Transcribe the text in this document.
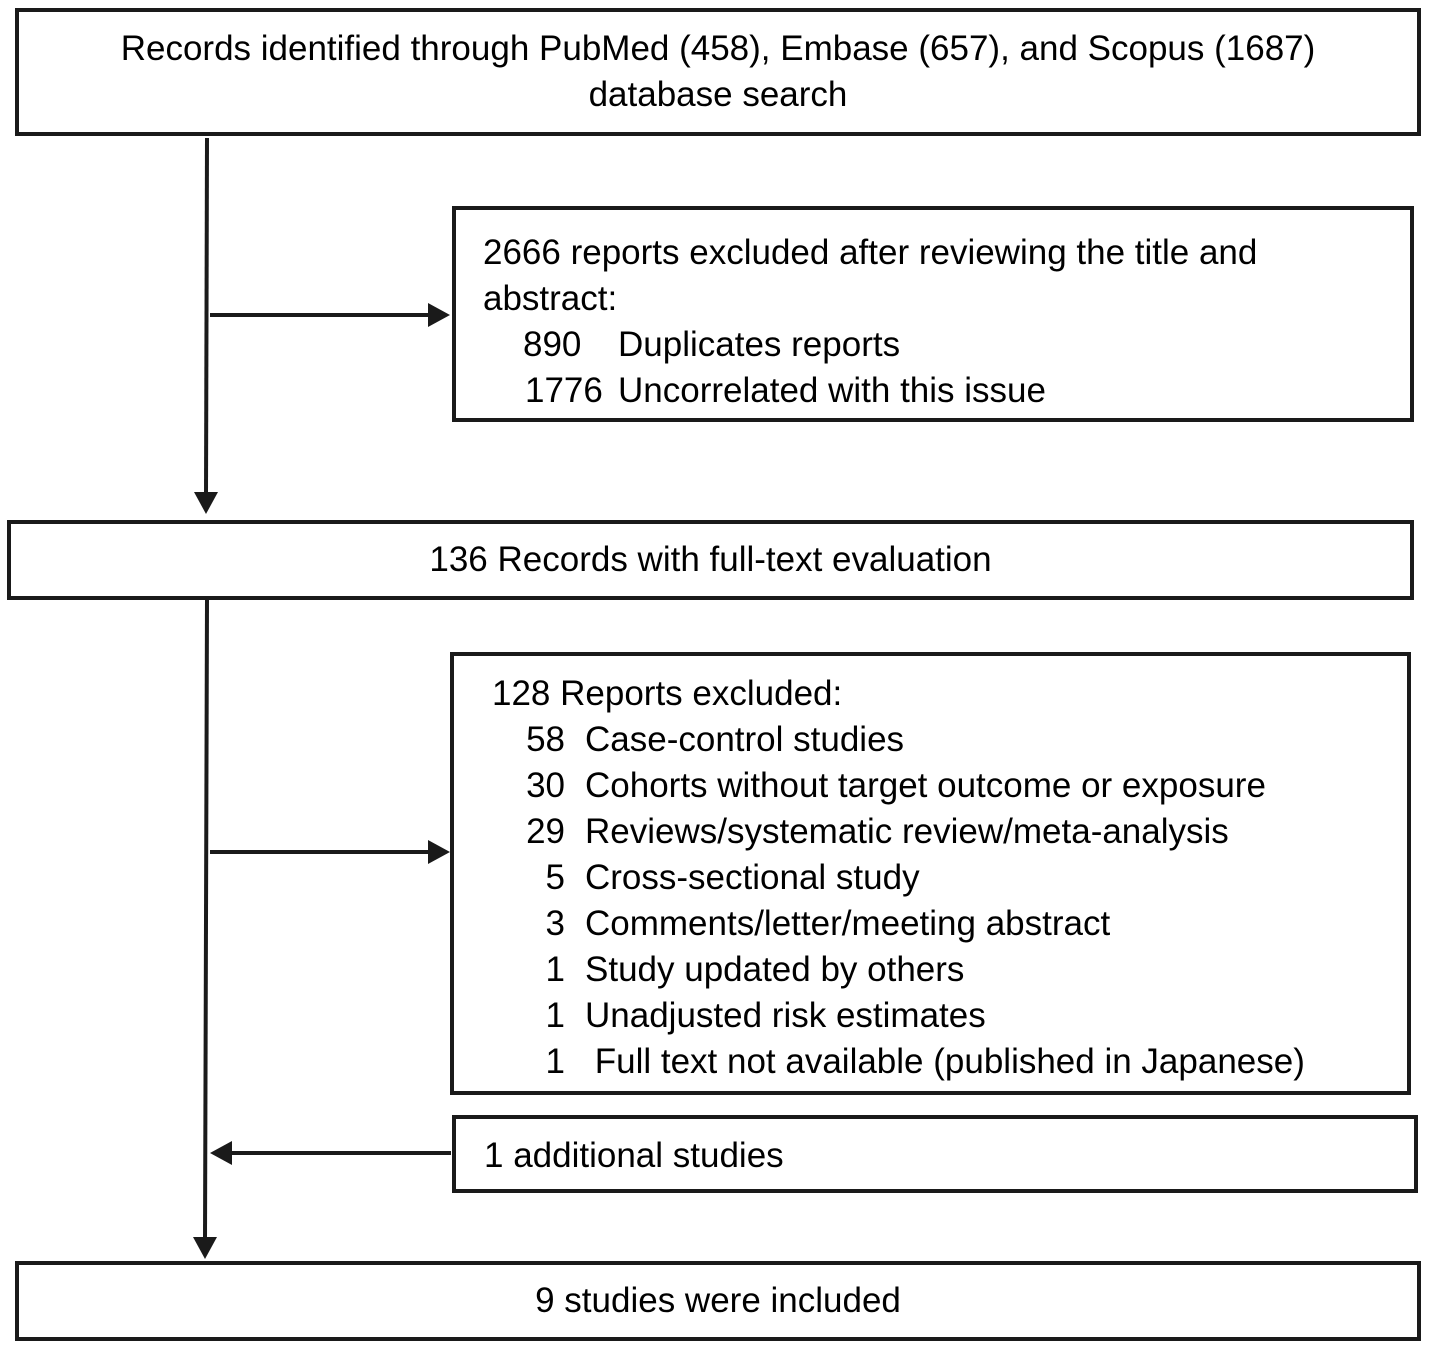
Records identified through PubMed (458), Embase (657), and Scopus (1687)
database search
2666 reports excluded after reviewing the title and
abstract:
890	Duplicates reports
1776 Uncorrelated with this issue
136 Records with full-text evaluation
128 Reports excluded:
58 Case-control studies
30 Cohorts without target outcome or exposure
29 Reviews/systematic review/meta-analysis
5 Cross-sectional study
3 Comments/letter/meeting abstract
1 Study updated by others
1 Unadjusted risk estimates
1 Full text not available (published in Japanese)
1 additional studies
9 studies were included
